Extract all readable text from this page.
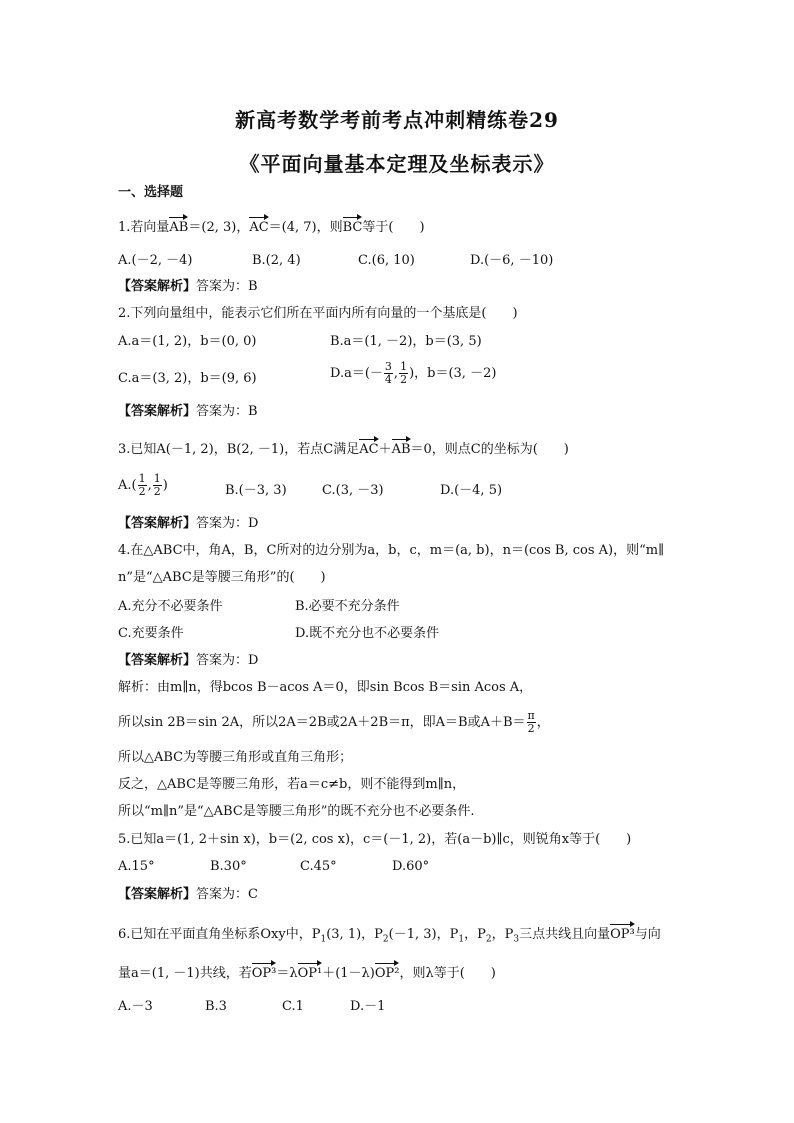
新高考数学考前考点冲刺精练卷29
《平面向量基本定理及坐标表示》
一、选择题
1.若向量AB＝(2, 3)，AC＝(4, 7)，则BC等于(　　)
A.(－2, －4)	B.(2, 4)	C.(6, 10)	D.(－6, －10)
【答案解析】答案为：B
2.下列向量组中，能表示它们所在平面内所有向量的一个基底是(　　)
A.a＝(1, 2)，b＝(0, 0)	B.a＝(1, －2)，b＝(3, 5)
C.a＝(3, 2)，b＝(9, 6)	$D.a=(- \frac{3}{4}$ , $\frac{1}{2}$ )，b＝(3, －2)
【答案解析】答案为：B
3.已知A(－1, 2)，B(2, －1)，若点C满足AC＋AB＝0，则点C的坐标为(　　)
$A.( \frac{1}{2}$ , $\frac{1}{2}$ )	B.(－3, 3)	C.(3, －3)	D.(－4, 5)
【答案解析】答案为：D
4.在△ABC中，角A，B，C所对的边分别为a，b，c，m＝(a, b)，n＝(cos B, cos A)，则“m∥
n”是“△ABC是等腰三角形”的(　　)
A.充分不必要条件	B.必要不充分条件
C.充要条件	D.既不充分也不必要条件
【答案解析】答案为：D
解析：由m∥n，得bcos B－acos A＝0，即sin Bcos B＝sin Acos A，
所以sin 2B＝sin 2A，所以2A＝2B或2A＋2B＝π，即A＝B或$A+B= \frac{\pi}{2}$ ，
所以△ABC为等腰三角形或直角三角形；
反之，△ABC是等腰三角形，若a＝c≠b，则不能得到m∥n，
所以“m∥n”是“△ABC是等腰三角形”的既不充分也不必要条件.
5.已知a＝(1, 2＋sin x)，b＝(2, cos x)，c＝(－1, 2)，若(a－b)∥c，则锐角x等于(　　)
A.15°	B.30°	C.45°	D.60°
【答案解析】答案为：C
6.已知在平面直角坐标系Oxy中，$P_1(3$, 1)，$P_2(-1$, 3)，$P_1$，$P_2$，$P_3$三点共线且向量OP³与向
量a＝(1, －1)共线，若OP³＝λOP¹＋(1－λ)OP²，则λ等于(　　)
A.－3	B.3	C.1	D.－1
